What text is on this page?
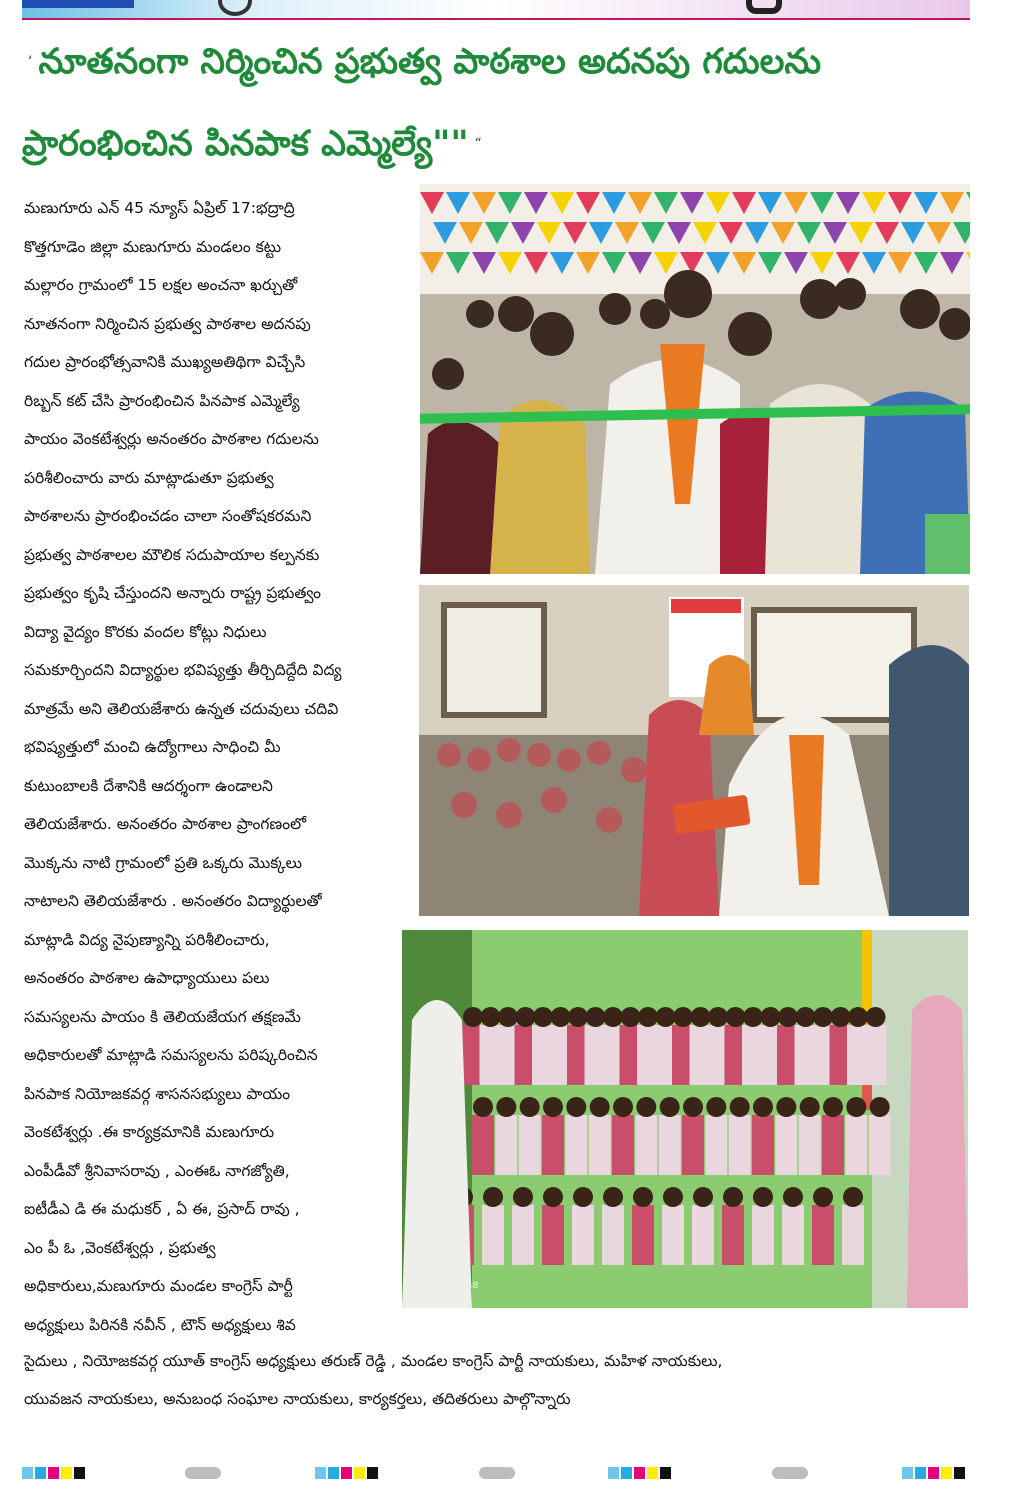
‘ నూతనంగా నిర్మించిన ప్రభుత్వ పాఠశాల అదనపు గదులను
ప్రారంభించిన పినపాక ఎమ్మెల్యే"" “
మణుగూరు ఎన్ 45 న్యూస్ ఏప్రిల్ 17:భద్రాద్రి
కొత్తగూడెం జిల్లా మణుగూరు మండలం కట్టు
మల్లారం గ్రామంలో 15 లక్షల అంచనా ఖర్చుతో
నూతనంగా నిర్మించిన ప్రభుత్వ పాఠశాల అదనపు
గదుల ప్రారంభోత్సవానికి ముఖ్యఅతిథిగా విచ్చేసి
రిబ్బన్ కట్ చేసి ప్రారంభించిన పినపాక ఎమ్మెల్యే
పాయం వెంకటేశ్వర్లు అనంతరం పాఠశాల గదులను
పరిశీలించారు వారు మాట్లాడుతూ ప్రభుత్వ
పాఠశాలను ప్రారంభించడం చాలా సంతోషకరమని
ప్రభుత్వ పాఠశాలల మౌలిక సదుపాయాల కల్పనకు
ప్రభుత్వం కృషి చేస్తుందని అన్నారు రాష్ట్ర ప్రభుత్వం
విద్యా వైద్యం కొరకు వందల కోట్లు నిధులు
సమకూర్చిందని విద్యార్థుల భవిష్యత్తు తీర్చిదిద్దేది విద్య
మాత్రమే అని తెలియజేశారు ఉన్నత చదువులు చదివి
భవిష్యత్తులో మంచి ఉద్యోగాలు సాధించి మీ
కుటుంబాలకి దేశానికి ఆదర్శంగా ఉండాలని
తెలియజేశారు. అనంతరం పాఠశాల ప్రాంగణంలో
మొక్కను నాటి గ్రామంలో ప్రతి ఒక్కరు మొక్కలు
నాటాలని తెలియజేశారు . అనంతరం విద్యార్థులతో
మాట్లాడి విద్య నైపుణ్యాన్ని పరిశీలించారు,
అనంతరం పాఠశాల ఉపాధ్యాయులు పలు
సమస్యలను పాయం కి తెలియజేయగ తక్షణమే
అధికారులతో మాట్లాడి సమస్యలను పరిష్కరించిన
పినపాక నియోజకవర్గ శాసనసభ్యులు పాయం
వెంకటేశ్వర్లు .ఈ కార్యక్రమానికి మణుగూరు
ఎంపీడీవో శ్రీనివాసరావు , ఎంఈఓ నాగజ్యోతి,
ఐటీడీఎ డి ఈ మధుకర్ , ఏ ఈ, ప్రసాద్ రావు ,
ఎం పీ ఓ ,వెంకటేశ్వర్లు , ప్రభుత్వ
అధికారులు,మణుగూరు మండల కాంగ్రెస్ పార్టీ
అధ్యక్షులు పిరినకి నవీన్ , టౌన్ అధ్యక్షులు శివ
సైదులు , నియోజకవర్గ యూత్ కాంగ్రెస్ అధ్యక్షులు తరుణ్ రెడ్డి , మండల కాంగ్రెస్ పార్టీ నాయకులు, మహిళ నాయకులు,
యువజన నాయకులు, అనుబంధ సంఘాల నాయకులు, కార్యకర్తలు, తదితరులు పాల్గొన్నారు
vivo V40e
17/2025 11:58
